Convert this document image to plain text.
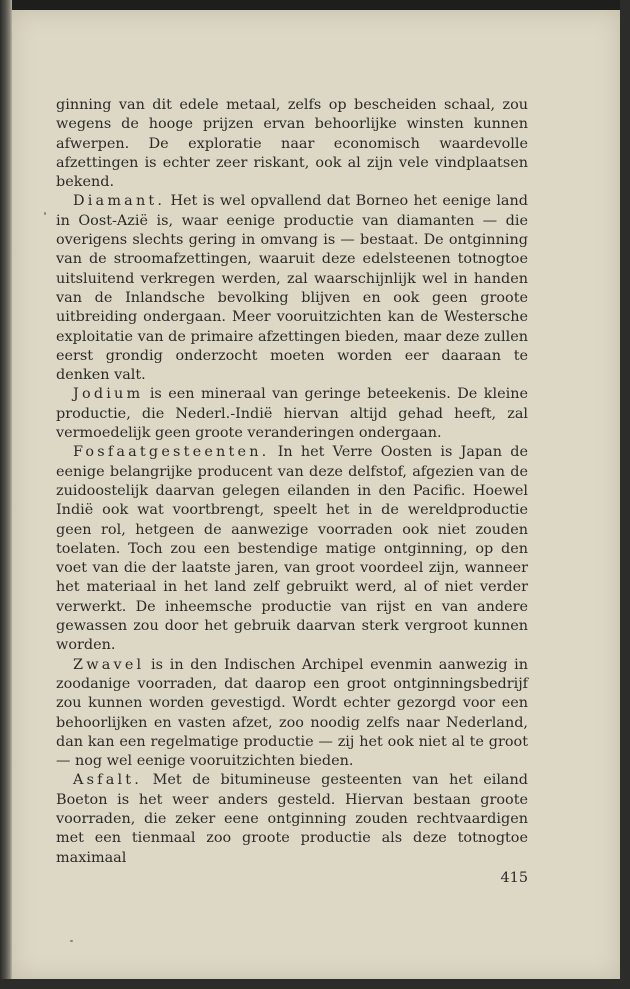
ginning van dit edele metaal, zelfs op bescheiden schaal, zou wegens de hooge prijzen ervan behoorlijke winsten kunnen afwerpen. De exploratie naar economisch waardevolle afzettingen is echter zeer riskant, ook al zijn vele vindplaatsen bekend.

Diamant. Het is wel opvallend dat Borneo het eenige land in Oost-Azië is, waar eenige productie van diamanten — die overigens slechts gering in omvang is — bestaat. De ontginning van de stroomafzettingen, waaruit deze edelsteenen totnogtoe uitsluitend verkregen werden, zal waarschijnlijk wel in handen van de Inlandsche bevolking blijven en ook geen groote uitbreiding ondergaan. Meer vooruitzichten kan de Westersche exploitatie van de primaire afzettingen bieden, maar deze zullen eerst grondig onderzocht moeten worden eer daaraan te denken valt.

Jodium is een mineraal van geringe beteekenis. De kleine productie, die Nederl.-Indië hiervan altijd gehad heeft, zal vermoedelijk geen groote veranderingen ondergaan.

Fosfaatgesteenten. In het Verre Oosten is Japan de eenige belangrijke producent van deze delfstof, afgezien van de zuidoostelijk daarvan gelegen eilanden in den Pacific. Hoewel Indië ook wat voortbrengt, speelt het in de wereldproductie geen rol, hetgeen de aanwezige voorraden ook niet zouden toelaten. Toch zou een bestendige matige ontginning, op den voet van die der laatste jaren, van groot voordeel zijn, wanneer het materiaal in het land zelf gebruikt werd, al of niet verder verwerkt. De inheemsche productie van rijst en van andere gewassen zou door het gebruik daarvan sterk vergroot kunnen worden.

Zwavel is in den Indischen Archipel evenmin aanwezig in zoodanige voorraden, dat daarop een groot ontginningsbedrijf zou kunnen worden gevestigd. Wordt echter gezorgd voor een behoorlijken en vasten afzet, zoo noodig zelfs naar Nederland, dan kan een regelmatige productie — zij het ook niet al te groot — nog wel eenige vooruitzichten bieden.

Asfalt. Met de bitumineuse gesteenten van het eiland Boeton is het weer anders gesteld. Hiervan bestaan groote voorraden, die zeker eene ontginning zouden rechtvaardigen met een tienmaal zoo groote productie als deze totnogtoe maximaal

415
